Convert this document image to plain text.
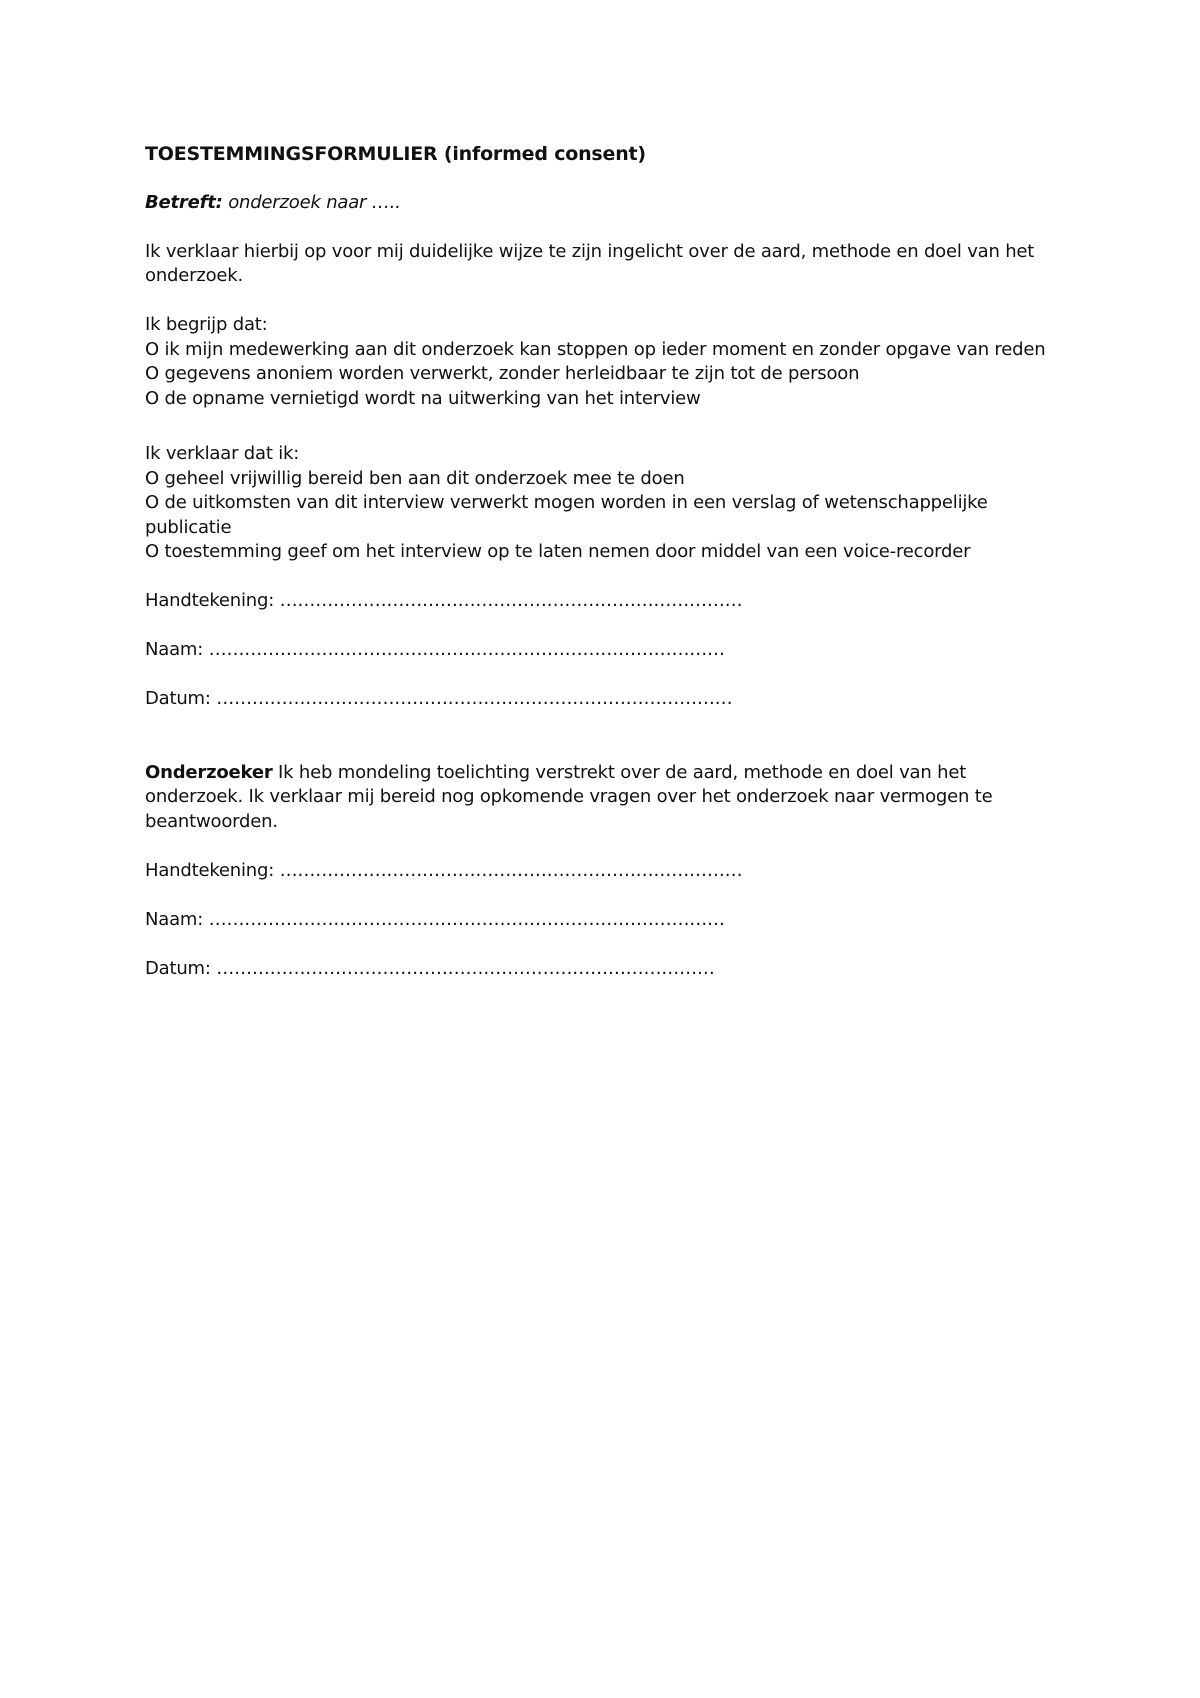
TOESTEMMINGSFORMULIER (informed consent)

Betreft: onderzoek naar …..

Ik verklaar hierbij op voor mij duidelijke wijze te zijn ingelicht over de aard, methode en doel van het onderzoek.

Ik begrijp dat:

O ik mijn medewerking aan dit onderzoek kan stoppen op ieder moment en zonder opgave van reden

O gegevens anoniem worden verwerkt, zonder herleidbaar te zijn tot de persoon

O de opname vernietigd wordt na uitwerking van het interview

Ik verklaar dat ik:

O geheel vrijwillig bereid ben aan dit onderzoek mee te doen

O de uitkomsten van dit interview verwerkt mogen worden in een verslag of wetenschappelijke publicatie

O toestemming geef om het interview op te laten nemen door middel van een voice-recorder

Handtekening: ……………………………………………………………………

Naam: ……………………………………………………………………………

Datum: ……………………………………………………………………………

Onderzoeker Ik heb mondeling toelichting verstrekt over de aard, methode en doel van het onderzoek. Ik verklaar mij bereid nog opkomende vragen over het onderzoek naar vermogen te beantwoorden.

Handtekening: ……………………………………………………………………

Naam: ……………………………………………………………………………

Datum: …………………………………………………………………………
